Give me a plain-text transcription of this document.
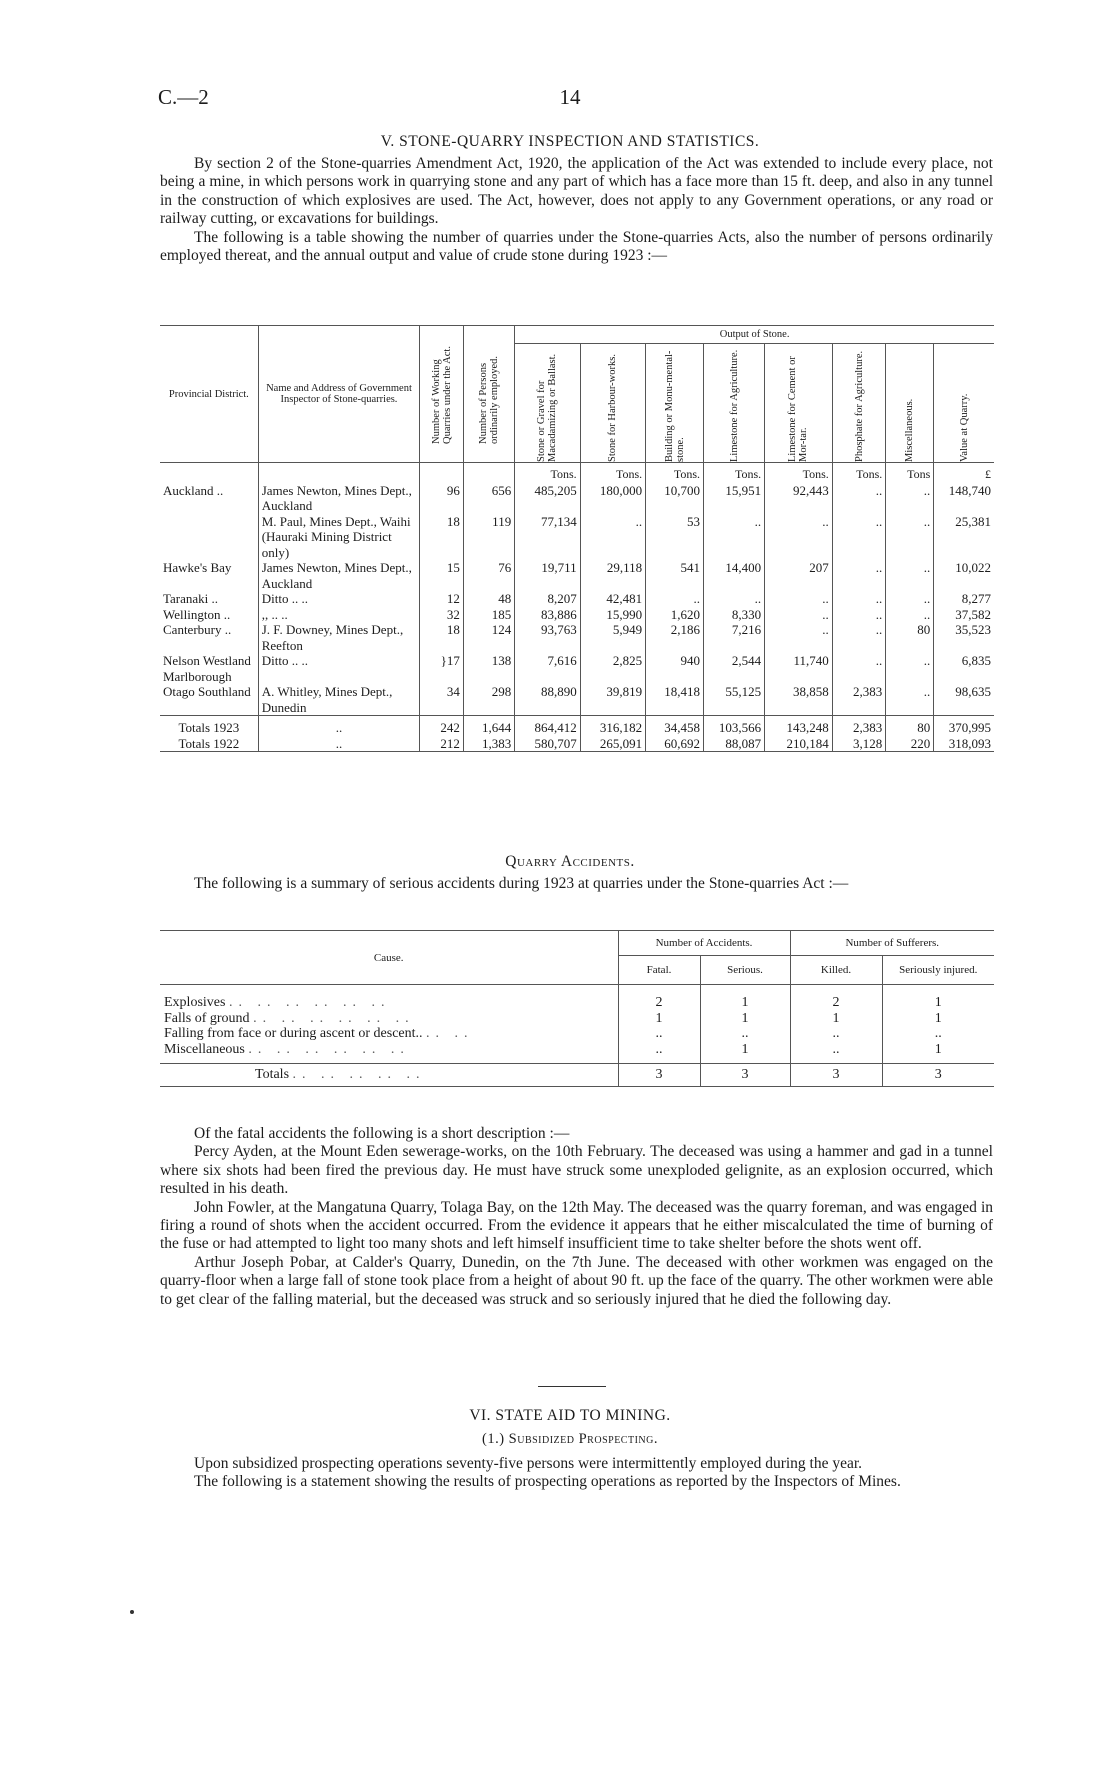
C.—2	14
V. STONE-QUARRY INSPECTION AND STATISTICS.

By section 2 of the Stone-quarries Amendment Act, 1920, the application of the Act was extended to include every place, not being a mine, in which persons work in quarrying stone and any part of which has a face more than 15 ft. deep, and also in any tunnel in the construction of which explosives are used. The Act, however, does not apply to any Government operations, or any road or railway cutting, or excavations for buildings.

The following is a table showing the number of quarries under the Stone-quarries Acts, also the number of persons ordinarily employed thereat, and the annual output and value of crude stone during 1923 :—

Provincial District.	Name and Address of Government Inspector of Stone-quarries.	Number of Working Quarries under the Act.	Number of Persons ordinarily employed.	Output of Stone.							

				Stone or Gravel for Macadamizing or Ballast.	Stone for Harbour-works.	Building or Monu-mental-stone.	Limestone for Agriculture.	Limestone for Cement or Mor-tar.	Phosphate for Agriculture.	Miscellaneous.	Value at Quarry.

				Tons.	Tons.	Tons.	Tons.	Tons.	Tons.	Tons	£
Auckland ..	James Newton, Mines Dept., Auckland	96	656	485,205	180,000	10,700	15,951	92,443	..	..	148,740
	M. Paul, Mines Dept., Waihi (Hauraki Mining District only)	18	119	77,134	..	53	..	..	..	..	25,381
Hawke's Bay	James Newton, Mines Dept., Auckland	15	76	19,711	29,118	541	14,400	207	..	..	10,022
Taranaki ..	Ditto .. ..	12	48	8,207	42,481	..	..	..	..	..	8,277
Wellington ..	,, .. ..	32	185	83,886	15,990	1,620	8,330	..	..	..	37,582
Canterbury ..	J. F. Downey, Mines Dept., Reefton	18	124	93,763	5,949	2,186	7,216	..	..	80	35,523
Nelson Westland Marlborough	Ditto .. ..	}17	138	7,616	2,825	940	2,544	11,740	..	..	6,835
Otago Southland	A. Whitley, Mines Dept., Dunedin	34	298	88,890	39,819	18,418	55,125	38,858	2,383	..	98,635
Totals 1923	..	242	1,644	864,412	316,182	34,458	103,566	143,248	2,383	80	370,995
Totals 1922	..	212	1,383	580,707	265,091	60,692	88,087	210,184	3,128	220	318,093
Quarry Accidents.

The following is a summary of serious accidents during 1923 at quarries under the Stone-quarries Act :—

Cause.	Number of Accidents.		Number of Sufferers.	
	Fatal.	Serious.	Killed.	Seriously injured.

Explosives .. .. .. .. .. ..	2	1	2	1
Falls of ground .. .. .. .. .. ..	1	1	1	1
Falling from face or during ascent or descent.. .. ..	..	..	..	..
Miscellaneous .. .. .. .. .. ..	..	1	..	1

Totals .. .. .. .. ..	3	3	3	3

Of the fatal accidents the following is a short description :—

Percy Ayden, at the Mount Eden sewerage-works, on the 10th February. The deceased was using a hammer and gad in a tunnel where six shots had been fired the previous day. He must have struck some unexploded gelignite, as an explosion occurred, which resulted in his death.

John Fowler, at the Mangatuna Quarry, Tolaga Bay, on the 12th May. The deceased was the quarry foreman, and was engaged in firing a round of shots when the accident occurred. From the evidence it appears that he either miscalculated the time of burning of the fuse or had attempted to light too many shots and left himself insufficient time to take shelter before the shots went off.

Arthur Joseph Pobar, at Calder's Quarry, Dunedin, on the 7th June. The deceased with other workmen was engaged on the quarry-floor when a large fall of stone took place from a height of about 90 ft. up the face of the quarry. The other workmen were able to get clear of the falling material, but the deceased was struck and so seriously injured that he died the following day.

VI. STATE AID TO MINING.
(1.) Subsidized Prospecting.

Upon subsidized prospecting operations seventy-five persons were intermittently employed during the year.

The following is a statement showing the results of prospecting operations as reported by the Inspectors of Mines.
